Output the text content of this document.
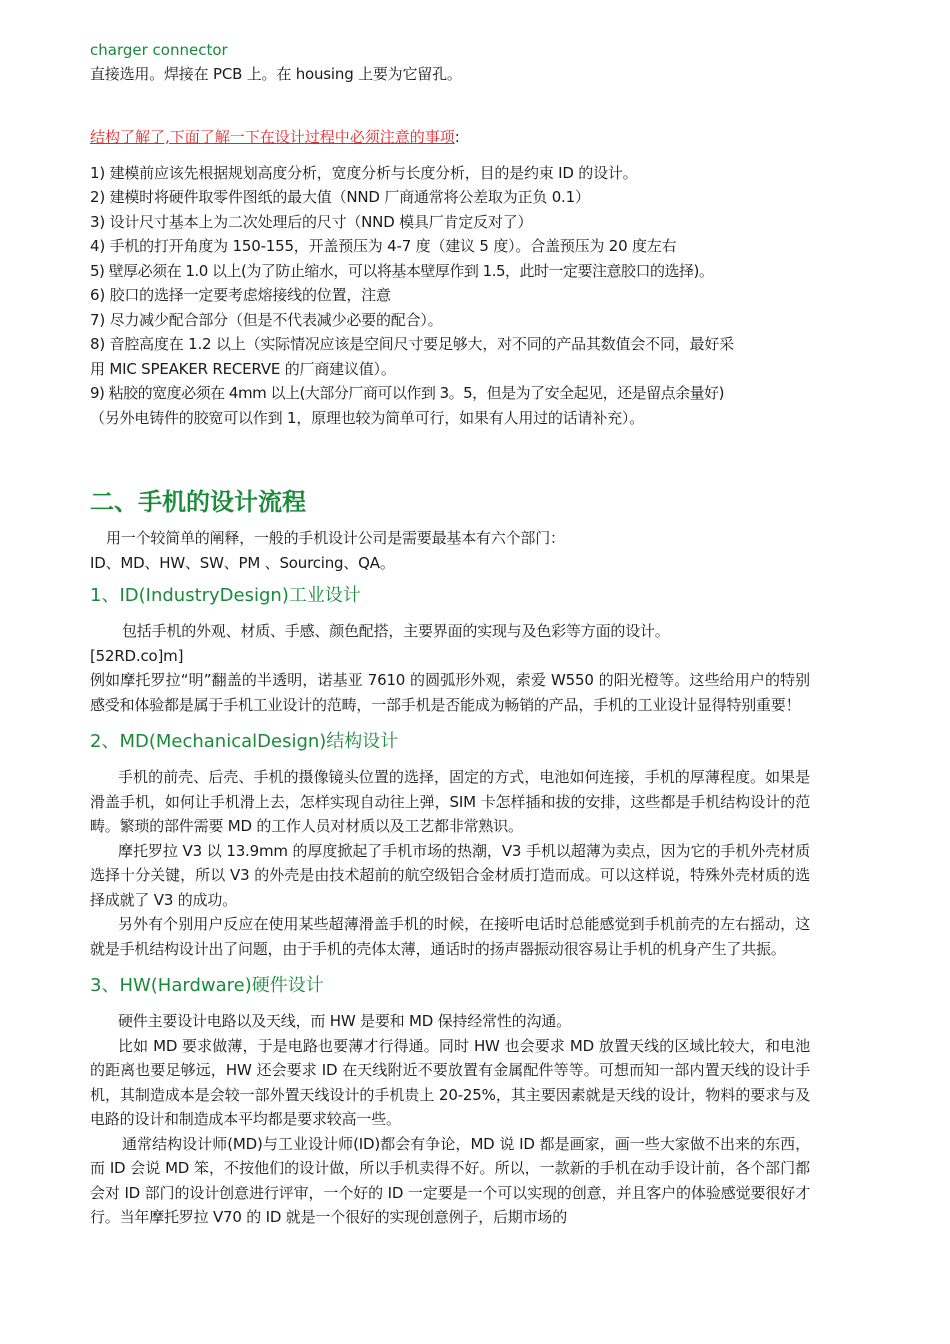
charger connector
直接选用。焊接在 PCB 上。在 housing 上要为它留孔。
结构了解了,下面了解一下在设计过程中必须注意的事项:
1) 建模前应该先根据规划高度分析，宽度分析与长度分析，目的是约束 ID 的设计。
2) 建模时将硬件取零件图纸的最大值（NND 厂商通常将公差取为正负 0.1）
3) 设计尺寸基本上为二次处理后的尺寸（NND 模具厂肯定反对了）
4) 手机的打开角度为 150-155，开盖预压为 4-7 度（建议 5 度）。合盖预压为 20 度左右
5) 壁厚必须在 1.0 以上(为了防止缩水，可以将基本壁厚作到 1.5，此时一定要注意胶口的选择)。
6) 胶口的选择一定要考虑熔接线的位置，注意
7) 尽力减少配合部分（但是不代表减少必要的配合）。
8) 音腔高度在 1.2 以上（实际情况应该是空间尺寸要足够大，对不同的产品其数值会不同，最好采
用 MIC SPEAKER RECERVE 的厂商建议值）。
9) 粘胶的宽度必须在 4mm 以上(大部分厂商可以作到 3。5，但是为了安全起见，还是留点余量好)
（另外电铸件的胶宽可以作到 1，原理也较为简单可行，如果有人用过的话请补充）。
二、手机的设计流程
用一个较简单的阐释，一般的手机设计公司是需要最基本有六个部门：
ID、MD、HW、SW、PM 、Sourcing、QA。
1、ID(IndustryDesign)工业设计
包括手机的外观、材质、手感、颜色配搭，主要界面的实现与及色彩等方面的设计。
[52RD.co]m]
例如摩托罗拉“明”翻盖的半透明，诺基亚 7610 的圆弧形外观，索爱 W550 的阳光橙等。这些给用户的特别感受和体验都是属于手机工业设计的范畴，一部手机是否能成为畅销的产品，手机的工业设计显得特别重要！
2、MD(MechanicalDesign)结构设计
手机的前壳、后壳、手机的摄像镜头位置的选择，固定的方式，电池如何连接，手机的厚薄程度。如果是滑盖手机，如何让手机滑上去，怎样实现自动往上弹，SIM 卡怎样插和拔的安排，这些都是手机结构设计的范畴。繁琐的部件需要 MD 的工作人员对材质以及工艺都非常熟识。
摩托罗拉 V3 以 13.9mm 的厚度掀起了手机市场的热潮，V3 手机以超薄为卖点，因为它的手机外壳材质选择十分关键，所以 V3 的外壳是由技术超前的航空级铝合金材质打造而成。可以这样说，特殊外壳材质的选择成就了 V3 的成功。
另外有个别用户反应在使用某些超薄滑盖手机的时候，在接听电话时总能感觉到手机前壳的左右摇动，这就是手机结构设计出了问题，由于手机的壳体太薄，通话时的扬声器振动很容易让手机的机身产生了共振。
3、HW(Hardware)硬件设计
硬件主要设计电路以及天线，而 HW 是要和 MD 保持经常性的沟通。
比如 MD 要求做薄，于是电路也要薄才行得通。同时 HW 也会要求 MD 放置天线的区域比较大，和电池的距离也要足够远，HW 还会要求 ID 在天线附近不要放置有金属配件等等。可想而知一部内置天线的设计手机，其制造成本是会较一部外置天线设计的手机贵上 20-25%，其主要因素就是天线的设计，物料的要求与及电路的设计和制造成本平均都是要求较高一些。
通常结构设计师(MD)与工业设计师(ID)都会有争论，MD 说 ID 都是画家，画一些大家做不出来的东西，而 ID 会说 MD 笨，不按他们的设计做，所以手机卖得不好。所以，一款新的手机在动手设计前，各个部门都会对 ID 部门的设计创意进行评审，一个好的 ID 一定要是一个可以实现的创意，并且客户的体验感觉要很好才行。当年摩托罗拉 V70 的 ID 就是一个很好的实现创意例子，后期市场的
